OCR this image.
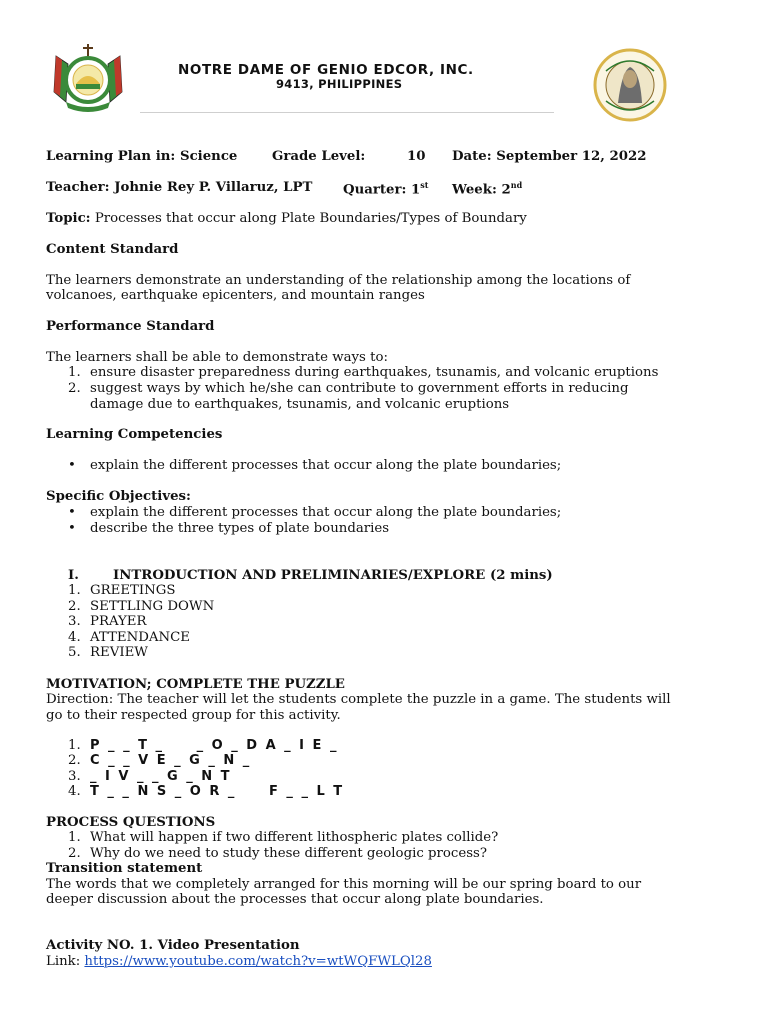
NOTRE DAME OF GENIO EDCOR, INC.
9413, PHILIPPINES
Learning Plan in: Science	Grade Level:	10 Date: September 12, 2022
Teacher: Johnie Rey P. Villaruz, LPT Quarter: 1st Week: 2nd
Topic: Processes that occur along Plate Boundaries/Types of Boundary
Content Standard
The learners demonstrate an understanding of the relationship among the locations of
volcanoes, earthquake epicenters, and mountain ranges
Performance Standard
The learners shall be able to demonstrate ways to:
1. ensure disaster preparedness during earthquakes, tsunamis, and volcanic eruptions
2. suggest ways by which he/she can contribute to government efforts in reducing
damage due to earthquakes, tsunamis, and volcanic eruptions
Learning Competencies
• explain the different processes that occur along the plate boundaries;
Specific Objectives:
• explain the different processes that occur along the plate boundaries;
• describe the three types of plate boundaries
I.	INTRODUCTION AND PRELIMINARIES/EXPLORE (2 mins)
1. GREETINGS
2. SETTLING DOWN
3. PRAYER
4. ATTENDANCE
5. REVIEW
MOTIVATION; COMPLETE THE PUZZLE
Direction: The teacher will let the students complete the puzzle in a game. The students will
go to their respected group for this activity.
1. P _ _ T _     _ O _ D A _ I E _
2. C _ _ V E _ G _ N _
3. _ I V _ _ G _ N T
4. T _ _ N S _ O R _     F _ _ L T
PROCESS QUESTIONS
1. What will happen if two different lithospheric plates collide?
2. Why do we need to study these different geologic process?
Transition statement
The words that we completely arranged for this morning will be our spring board to our
deeper discussion about the processes that occur along plate boundaries.
Activity NO. 1. Video Presentation
Link: https://www.youtube.com/watch?v=wtWQFWLQl28
